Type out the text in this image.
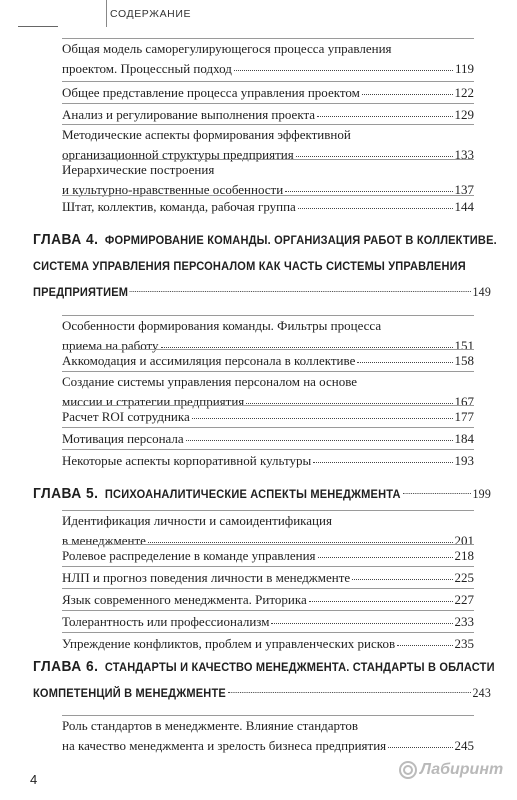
СОДЕРЖАНИЕ
Общая модель саморегулирующегося процесса управления
проектом. Процессный подход	119
Общее представление процесса управления проектом	122
Анализ и регулирование выполнения проекта	129
Методические аспекты формирования эффективной
организационной структуры предприятия	133
Иерархические построения
и культурно-нравственные особенности	137
Штат, коллектив, команда, рабочая группа	144
ГЛАВА 4.
ФОРМИРОВАНИЕ КОМАНДЫ. ОРГАНИЗАЦИЯ РАБОТ В КОЛЛЕКТИВЕ.
СИСТЕМА УПРАВЛЕНИЯ ПЕРСОНАЛОМ КАК ЧАСТЬ СИСТЕМЫ УПРАВЛЕНИЯ
ПРЕДПРИЯТИЕМ	149
Особенности формирования команды. Фильтры процесса
приема на работу	151
Аккомодация и ассимиляция персонала в коллективе	158
Создание системы управления персоналом на основе
миссии и стратегии предприятия	167
Расчет ROI сотрудника	177
Мотивация персонала	184
Некоторые аспекты корпоративной культуры	193
ГЛАВА 5.
ПСИХОАНАЛИТИЧЕСКИЕ АСПЕКТЫ МЕНЕДЖМЕНТА	199
Идентификация личности и самоидентификация
в менеджменте	201
Ролевое распределение в команде управления	218
НЛП и прогноз поведения личности в менеджменте	225
Язык современного менеджмента. Риторика	227
Толерантность или профессионализм	233
Упреждение конфликтов, проблем и управленческих рисков	235
ГЛАВА 6.
СТАНДАРТЫ И КАЧЕСТВО МЕНЕДЖМЕНТА. СТАНДАРТЫ В ОБЛАСТИ
КОМПЕТЕНЦИЙ В МЕНЕДЖМЕНТЕ	243
Роль стандартов в менеджменте. Влияние стандартов
на качество менеджмента и зрелость бизнеса предприятия	245
4
Лабиринт
